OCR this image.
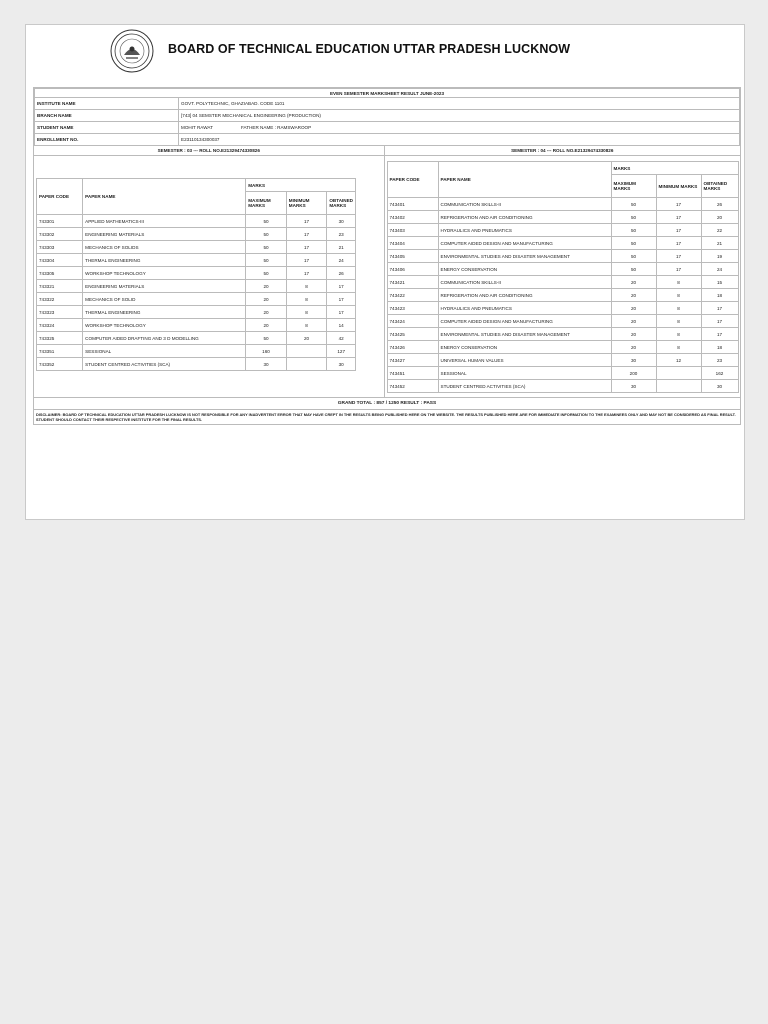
BOARD OF TECHNICAL EDUCATION UTTAR PRADESH LUCKNOW
EVEN SEMESTER MARKSHEET RESULT JUNE-2023	
INSTITUTE NAME	GOVT. POLYTECHNIC, GHAZIABAD. CODE 1101
BRANCH NAME	[743] 04 SEMSTER MECHANICAL ENGINEERING (PRODUCTION)
STUDENT NAME	MOHIT RAWAT FATHER NAME : RAMSWAROOP
ENROLLMENT NO.	E23110134300037
SEMESTER : 03 --- ROLL NO.E21329474330826
PAPER CODE	PAPER NAME	MARKS		
		MAXIMUM MARKS	MINIMUM MARKS	OBTAINED MARKS
743301	APPLIED MATHEMATICS-III	50	17	30
743302	ENGINEERING MATERIALS	50	17	23
743303	MECHANICS OF SOLIDS	50	17	21
743304	THERMAL ENGINEERING	50	17	24
743305	WORKSHOP TECHNOLOGY	50	17	26
743321	ENGINEERING MATERIALS	20	8	17
743322	MECHANICS OF SOLID	20	8	17
743323	THERMAL ENGINEERING	20	8	17
743324	WORKSHOP TECHNOLOGY	20	8	14
743325	COMPUTER AIDED DRAFTING AND 3 D MODELLING	50	20	42
743351	SESSIONAL	160		127
743352	STUDENT CENTRED ACTIVITIES (SCA)	30		30
SEMESTER : 04 --- ROLL NO.E21329474330826
PAPER CODE	PAPER NAME	MARKS		
		MAXIMUM MARKS	MINIMUM MARKS	OBTAINED MARKS
743401	COMMUNICATION SKILLS-II	50	17	26
743402	REFRIGERATION AND AIR CONDITIONING	50	17	20
743403	HYDRAULICS AND PNEUMATICS	50	17	22
743404	COMPUTER AIDED DESIGN AND MANUFACTURING	50	17	21
743405	ENVIRONMENTAL STUDIES AND DISASTER MANAGEMENT	50	17	19
743406	ENERGY CONSERVATION	50	17	24
743421	COMMUNICATION SKILLS-II	20	8	15
743422	REFRIGERATION AND AIR CONDITIONING	20	8	18
743423	HYDRAULICS AND PNEUMATICS	20	8	17
743424	COMPUTER AIDED DESIGN AND MANUFACTURING	20	8	17
743425	ENVIRONMENTAL STUDIES AND DISASTER MANAGEMENT	20	8	17
743426	ENERGY CONSERVATION	20	8	18
743427	UNIVERSAL HUMAN VALUES	30	12	23
743451	SESSIONAL	200		162
743452	STUDENT CENTRED ACTIVITIES (SCA)	30		30
GRAND TOTAL : 857 / 1250 RESULT : PASS
DISCLAIMER: BOARD OF TECHNICAL EDUCATION UTTAR PRADESH LUCKNOW IS NOT RESPONSIBLE FOR ANY INADVERTENT ERROR THAT MAY HAVE CREPT IN THE RESULTS BEING PUBLISHED HERE ON THE WEBSITE. THE RESULTS PUBLISHED HERE ARE FOR IMMEDIATE INFORMATION TO THE EXAMINEES ONLY AND MAY NOT BE CONSIDERED AS FINAL RESULT. STUDENT SHOULD CONTACT THEIR RESPECTIVE INSTITUTE FOR THE FINAL RESULTS.
